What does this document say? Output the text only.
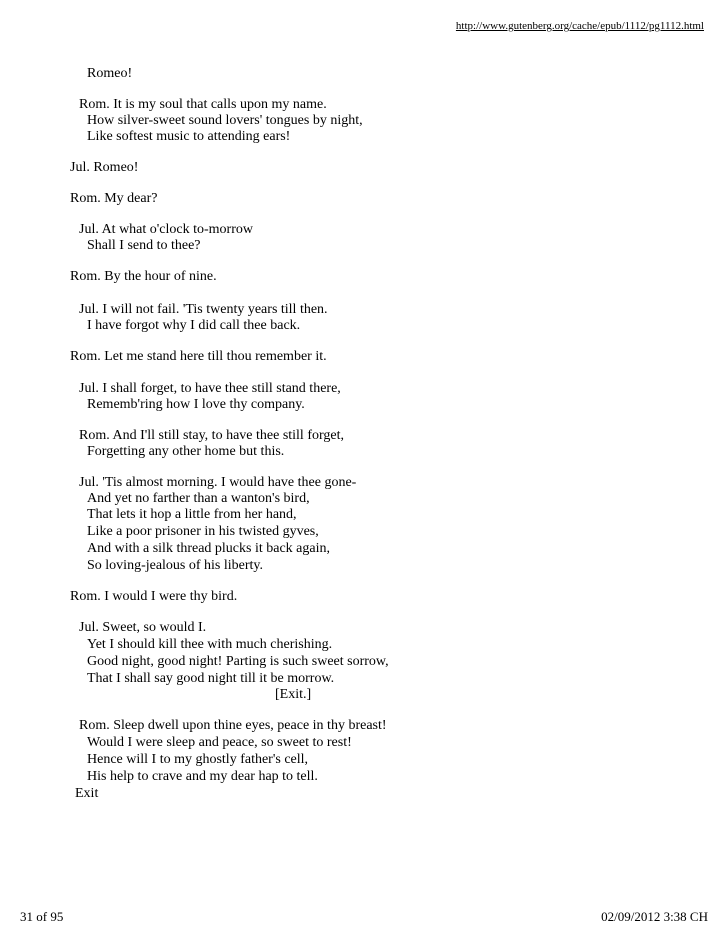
http://www.gutenberg.org/cache/epub/1112/pg1112.html
Romeo!
Rom. It is my soul that calls upon my name.
How silver-sweet sound lovers' tongues by night,
Like softest music to attending ears!
Jul. Romeo!
Rom. My dear?
Jul. At what o'clock to-morrow
Shall I send to thee?
Rom. By the hour of nine.
Jul. I will not fail. 'Tis twenty years till then.
I have forgot why I did call thee back.
Rom. Let me stand here till thou remember it.
Jul. I shall forget, to have thee still stand there,
Rememb'ring how I love thy company.
Rom. And I'll still stay, to have thee still forget,
Forgetting any other home but this.
Jul. 'Tis almost morning. I would have thee gone-
And yet no farther than a wanton's bird,
That lets it hop a little from her hand,
Like a poor prisoner in his twisted gyves,
And with a silk thread plucks it back again,
So loving-jealous of his liberty.
Rom. I would I were thy bird.
Jul. Sweet, so would I.
Yet I should kill thee with much cherishing.
Good night, good night! Parting is such sweet sorrow,
That I shall say good night till it be morrow.
[Exit.]
Rom. Sleep dwell upon thine eyes, peace in thy breast!
Would I were sleep and peace, so sweet to rest!
Hence will I to my ghostly father's cell,
His help to crave and my dear hap to tell.
Exit
31 of 95	02/09/2012 3:38 CH
